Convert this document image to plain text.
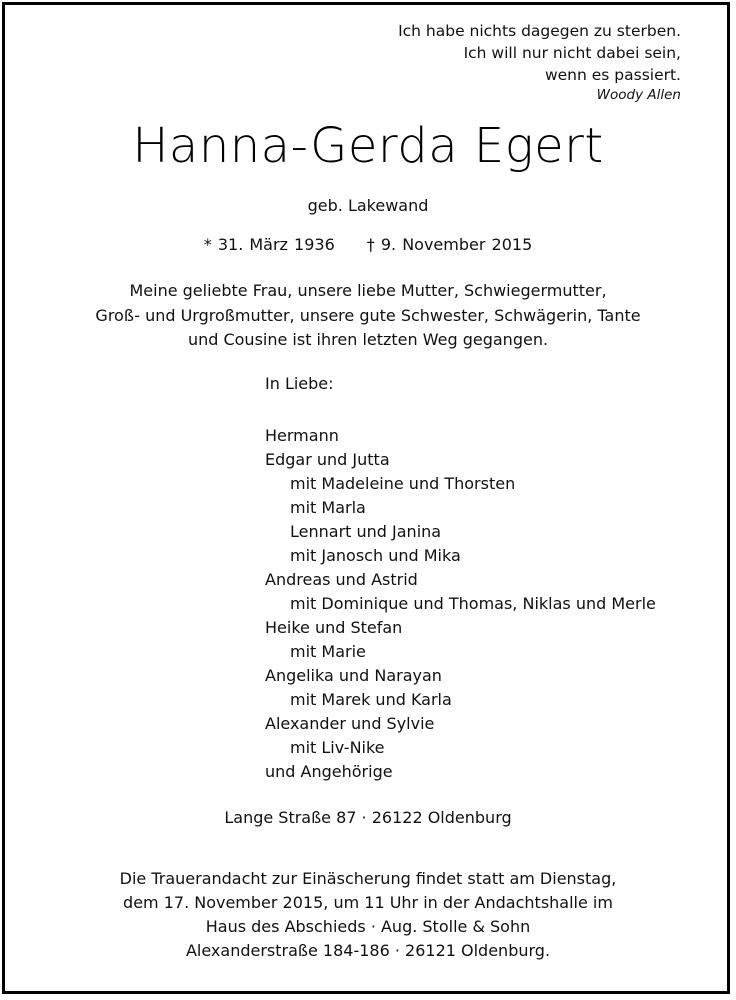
Ich habe nichts dagegen zu sterben.
Ich will nur nicht dabei sein,
wenn es passiert.
Woody Allen
Hanna-Gerda Egert
geb. Lakewand
* 31. März 1936 † 9. November 2015
Meine geliebte Frau, unsere liebe Mutter, Schwiegermutter,
Groß- und Urgroßmutter, unsere gute Schwester, Schwägerin, Tante
und Cousine ist ihren letzten Weg gegangen.
In Liebe:
Hermann
Edgar und Jutta
mit Madeleine und Thorsten
mit Marla
Lennart und Janina
mit Janosch und Mika
Andreas und Astrid
mit Dominique und Thomas, Niklas und Merle
Heike und Stefan
mit Marie
Angelika und Narayan
mit Marek und Karla
Alexander und Sylvie
mit Liv-Nike
und Angehörige
Lange Straße 87 · 26122 Oldenburg
Die Trauerandacht zur Einäscherung findet statt am Dienstag,
dem 17. November 2015, um 11 Uhr in der Andachtshalle im
Haus des Abschieds · Aug. Stolle & Sohn
Alexanderstraße 184-186 · 26121 Oldenburg.
